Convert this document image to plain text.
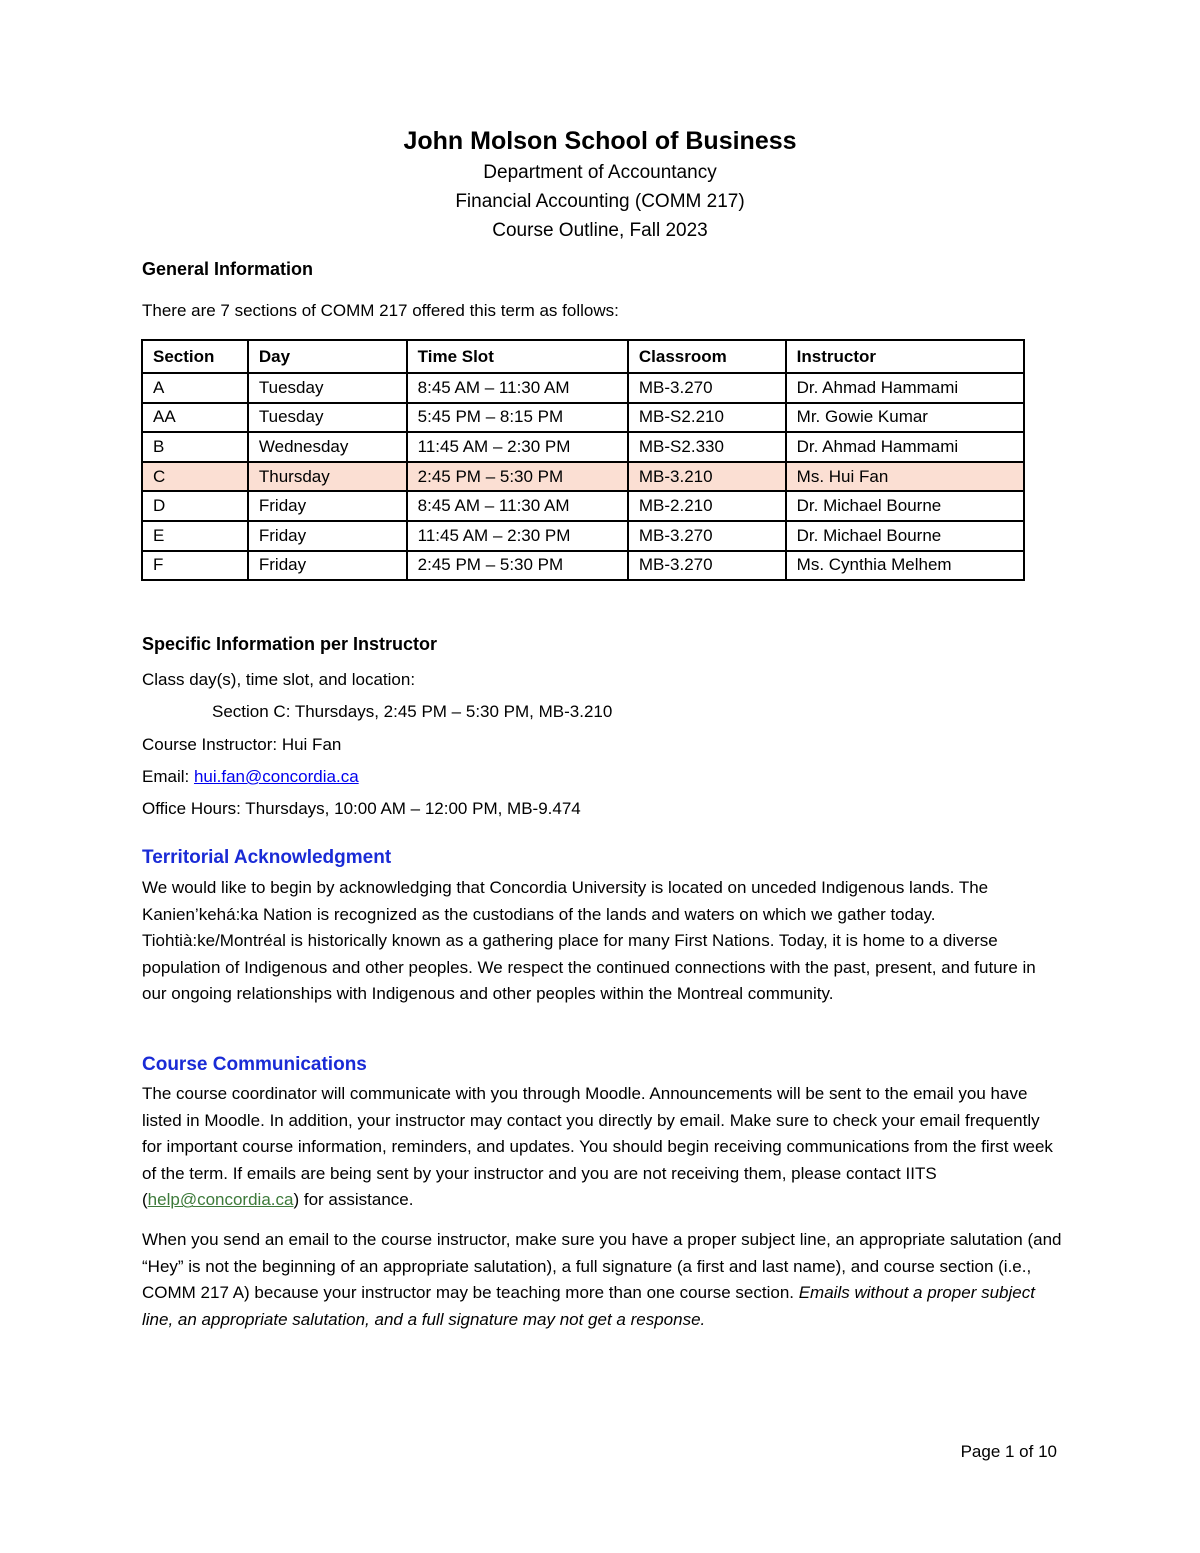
John Molson School of Business

Department of Accountancy

Financial Accounting (COMM 217)

Course Outline, Fall 2023

General Information

There are 7 sections of COMM 217 offered this term as follows:

Section	Day	Time Slot	Classroom	Instructor
A	Tuesday	8:45 AM – 11:30 AM	MB-3.270	Dr. Ahmad Hammami
AA	Tuesday	5:45 PM – 8:15 PM	MB-S2.210	Mr. Gowie Kumar
B	Wednesday	11:45 AM – 2:30 PM	MB-S2.330	Dr. Ahmad Hammami
C	Thursday	2:45 PM – 5:30 PM	MB-3.210	Ms. Hui Fan
D	Friday	8:45 AM – 11:30 AM	MB-2.210	Dr. Michael Bourne
E	Friday	11:45 AM – 2:30 PM	MB-3.270	Dr. Michael Bourne
F	Friday	2:45 PM – 5:30 PM	MB-3.270	Ms. Cynthia Melhem

Specific Information per Instructor

Class day(s), time slot, and location:

Section C: Thursdays, 2:45 PM – 5:30 PM, MB-3.210

Course Instructor: Hui Fan

Email: hui.fan@concordia.ca

Office Hours: Thursdays, 10:00 AM – 12:00 PM, MB-9.474

Territorial Acknowledgment

We would like to begin by acknowledging that Concordia University is located on unceded Indigenous lands. The Kanien’kehá:ka Nation is recognized as the custodians of the lands and waters on which we gather today. Tiohtià:ke/Montréal is historically known as a gathering place for many First Nations. Today, it is home to a diverse population of Indigenous and other peoples. We respect the continued connections with the past, present, and future in our ongoing relationships with Indigenous and other peoples within the Montreal community.

Course Communications

The course coordinator will communicate with you through Moodle. Announcements will be sent to the email you have listed in Moodle. In addition, your instructor may contact you directly by email. Make sure to check your email frequently for important course information, reminders, and updates. You should begin receiving communications from the first week of the term. If emails are being sent by your instructor and you are not receiving them, please contact IITS (help@concordia.ca) for assistance.

When you send an email to the course instructor, make sure you have a proper subject line, an appropriate salutation (and “Hey” is not the beginning of an appropriate salutation), a full signature (a first and last name), and course section (i.e., COMM 217 A) because your instructor may be teaching more than one course section. Emails without a proper subject line, an appropriate salutation, and a full signature may not get a response.

Page 1 of 10
